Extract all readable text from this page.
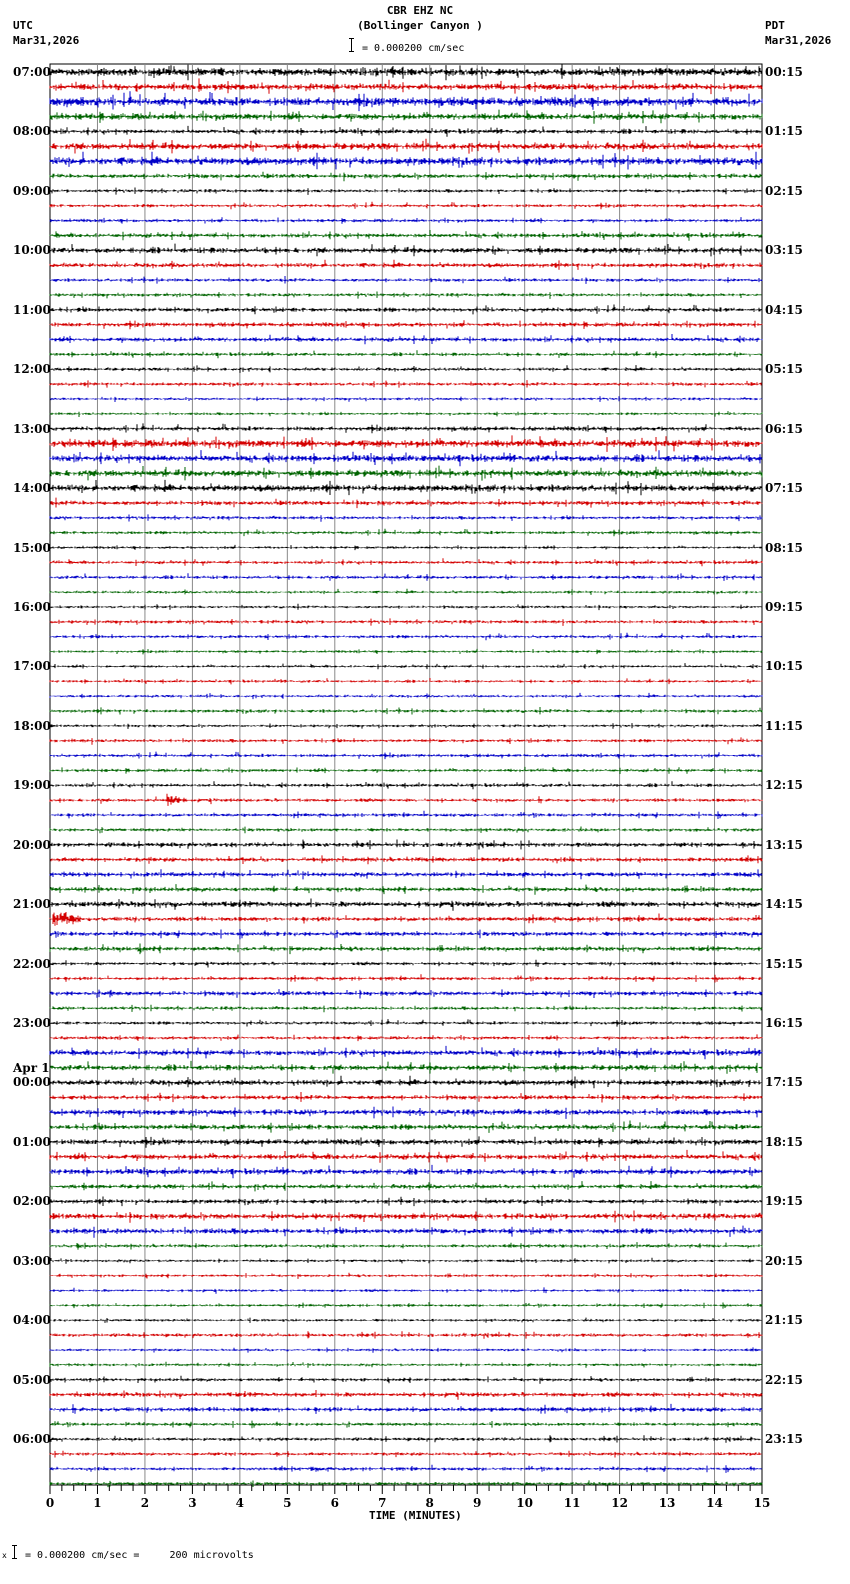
CBR EHZ NC
(Bollinger Canyon )
= 0.000200 cm/sec
UTC
Mar31,2026
PDT
Mar31,2026
07:00
08:00
09:00
10:00
11:00
12:00
13:00
14:00
15:00
16:00
17:00
18:00
19:00
20:00
21:00
22:00
23:00
00:00
Apr 1
01:00
02:00
03:00
04:00
05:00
06:00
00:15
01:15
02:15
03:15
04:15
05:15
06:15
07:15
08:15
09:15
10:15
11:15
12:15
13:15
14:15
15:15
16:15
17:15
18:15
19:15
20:15
21:15
22:15
23:15
0	1	2	3	4	5	6	7	8	9	10	11	12	13	14	15
TIME (MINUTES)
x = 0.000200 cm/sec =     200 microvolts
